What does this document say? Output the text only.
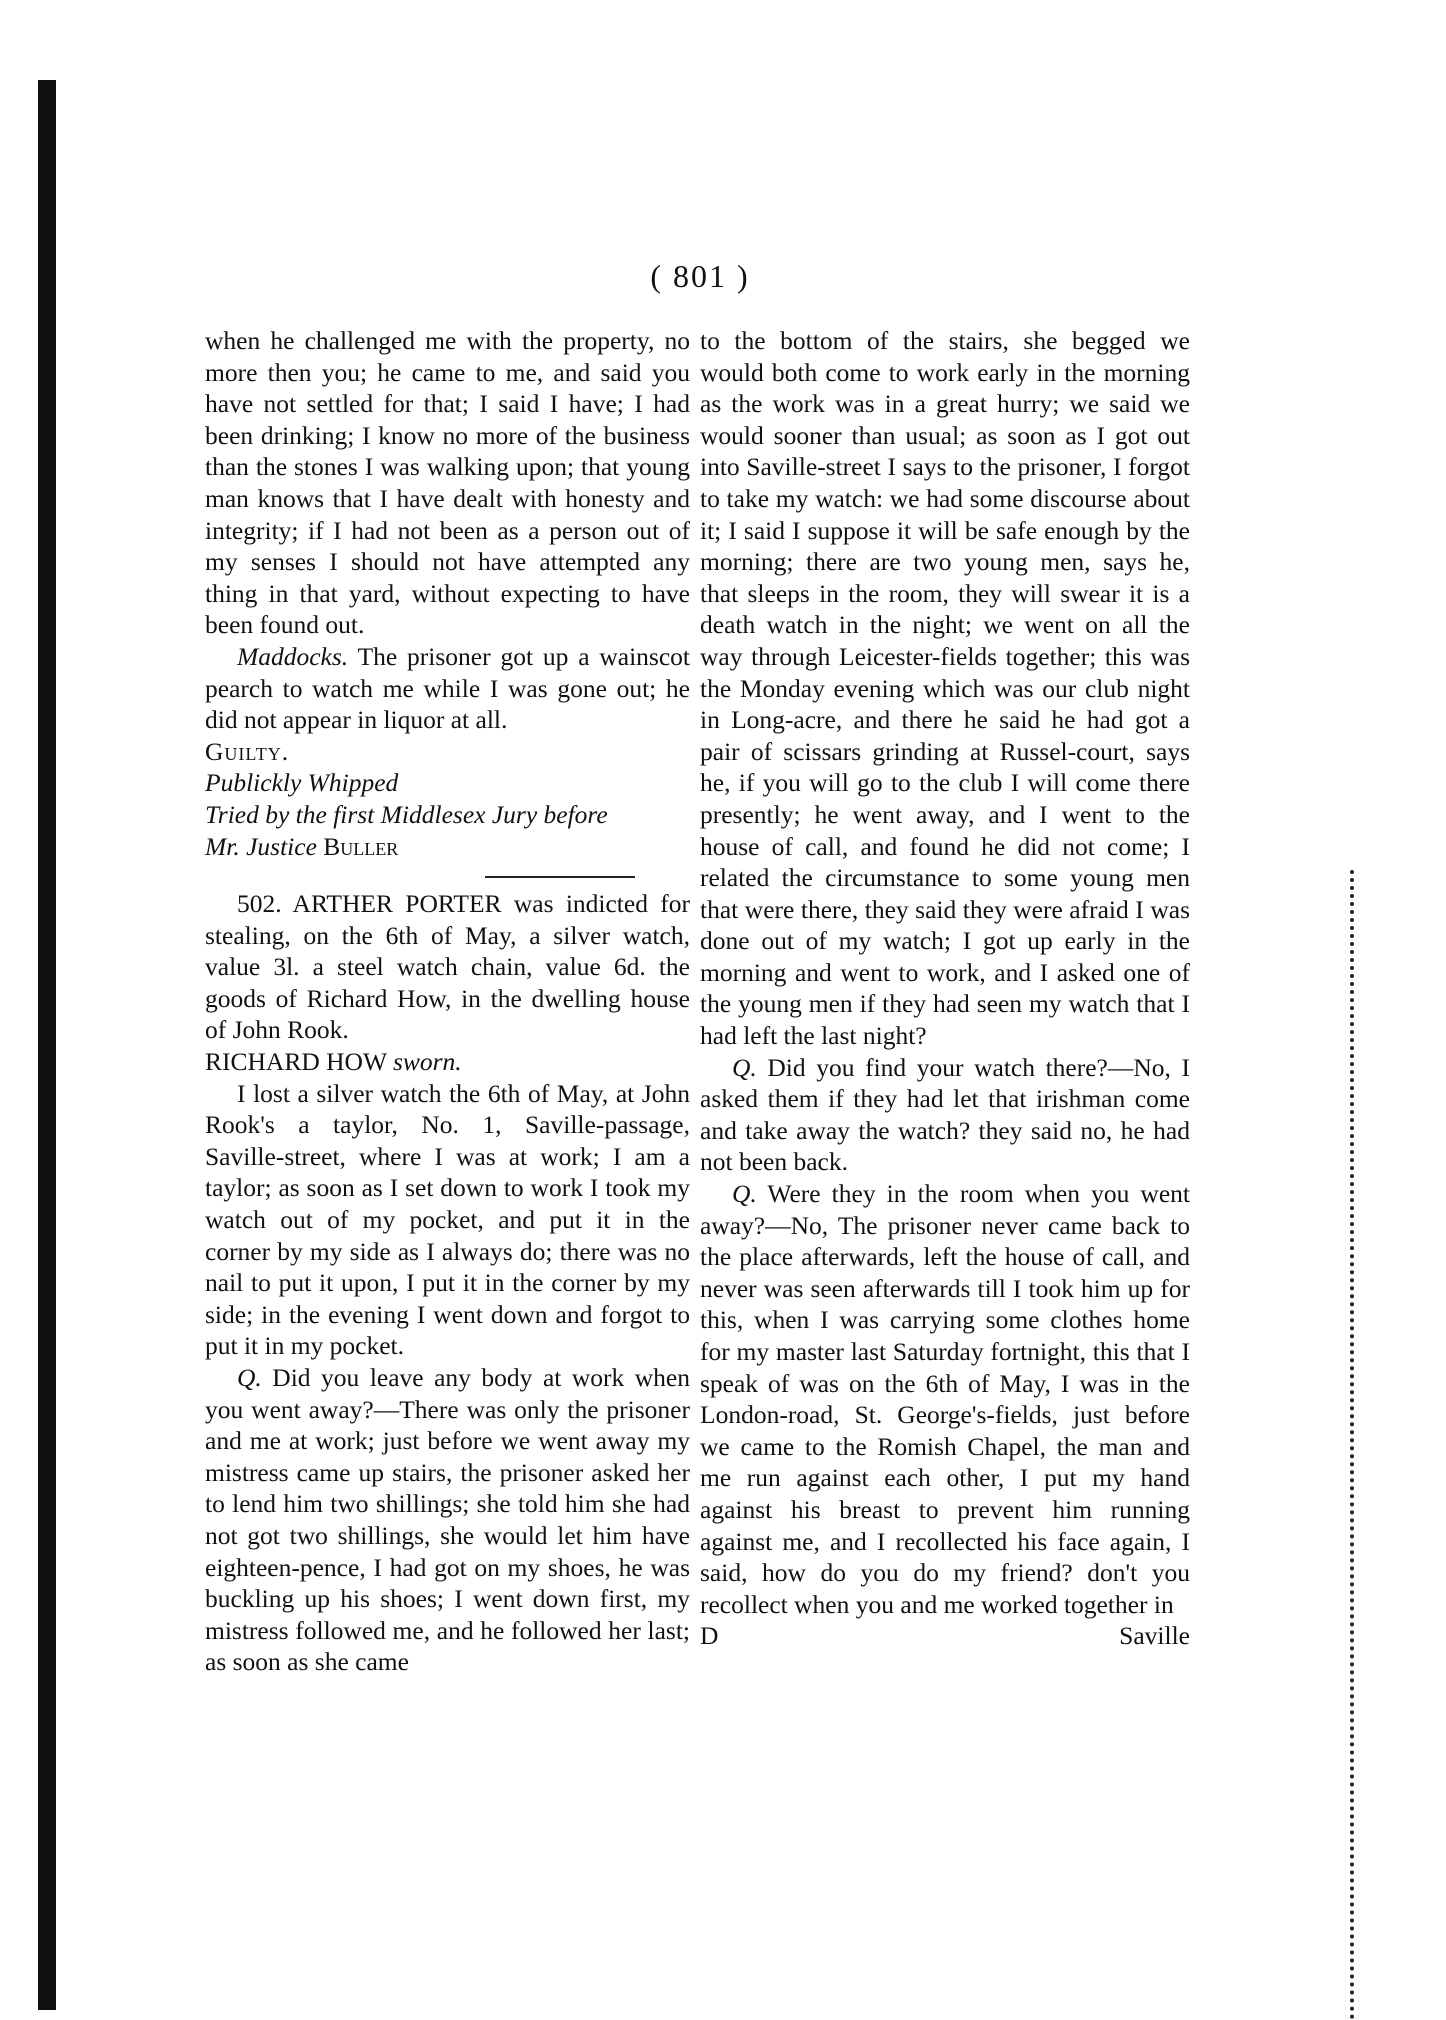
( 801 )

when he challenged me with the property, no more then you; he came to me, and said you have not settled for that; I said I have; I had been drinking; I know no more of the business than the stones I was walking upon; that young man knows that I have dealt with honesty and integrity; if I had not been as a person out of my senses I should not have attempted any thing in that yard, without expecting to have been found out.

Maddocks. The prisoner got up a wainscot pearch to watch me while I was gone out; he did not appear in liquor at all.

Guilty.

Publickly Whipped

Tried by the first Middlesex Jury before

Mr. Justice Buller

502. ARTHER PORTER was indicted for stealing, on the 6th of May, a silver watch, value 3l. a steel watch chain, value 6d. the goods of Richard How, in the dwelling house of John Rook.

RICHARD HOW sworn.

I lost a silver watch the 6th of May, at John Rook's a taylor, No. 1, Saville-passage, Saville-street, where I was at work; I am a taylor; as soon as I set down to work I took my watch out of my pocket, and put it in the corner by my side as I always do; there was no nail to put it upon, I put it in the corner by my side; in the evening I went down and forgot to put it in my pocket.

Q. Did you leave any body at work when you went away?—There was only the prisoner and me at work; just before we went away my mistress came up stairs, the prisoner asked her to lend him two shillings; she told him she had not got two shillings, she would let him have eighteen-pence, I had got on my shoes, he was buckling up his shoes; I went down first, my mistress followed me, and he followed her last; as soon as she came

to the bottom of the stairs, she begged we would both come to work early in the morning as the work was in a great hurry; we said we would sooner than usual; as soon as I got out into Saville-street I says to the prisoner, I forgot to take my watch: we had some discourse about it; I said I suppose it will be safe enough by the morning; there are two young men, says he, that sleeps in the room, they will swear it is a death watch in the night; we went on all the way through Leicester-fields together; this was the Monday evening which was our club night in Long-acre, and there he said he had got a pair of scissars grinding at Russel-court, says he, if you will go to the club I will come there presently; he went away, and I went to the house of call, and found he did not come; I related the circumstance to some young men that were there, they said they were afraid I was done out of my watch; I got up early in the morning and went to work, and I asked one of the young men if they had seen my watch that I had left the last night?

Q. Did you find your watch there?—No, I asked them if they had let that irishman come and take away the watch? they said no, he had not been back.

Q. Were they in the room when you went away?—No, The prisoner never came back to the place afterwards, left the house of call, and never was seen afterwards till I took him up for this, when I was carrying some clothes home for my master last Saturday fortnight, this that I speak of was on the 6th of May, I was in the London-road, St. George's-fields, just before we came to the Romish Chapel, the man and me run against each other, I put my hand against his breast to prevent him running against me, and I recollected his face again, I said, how do you do my friend? don't you recollect when you and me worked together in

D	Saville
